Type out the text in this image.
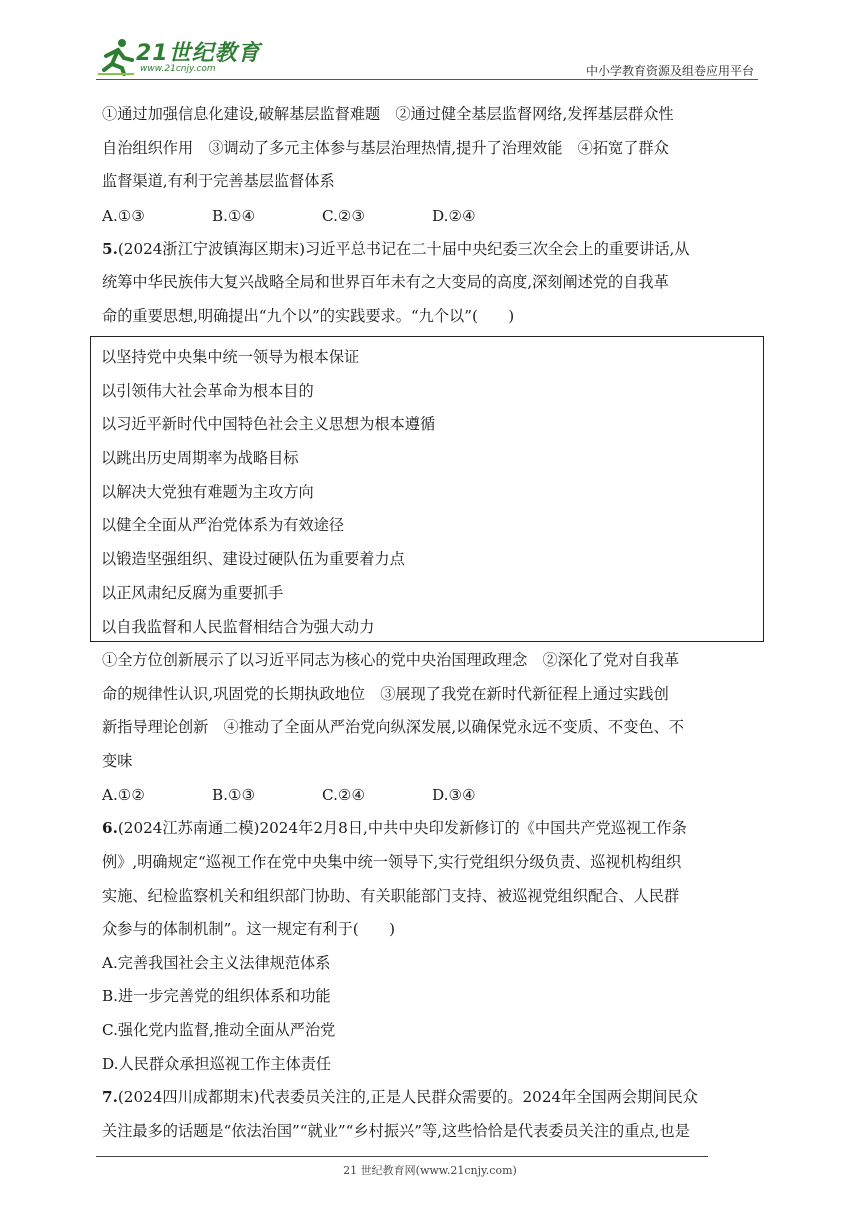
21世纪教育
www.21cnjy.com	中小学教育资源及组卷应用平台
①通过加强信息化建设,破解基层监督难题　②通过健全基层监督网络,发挥基层群众性
自治组织作用　③调动了多元主体参与基层治理热情,提升了治理效能　④拓宽了群众
监督渠道,有利于完善基层监督体系
A.①③	B.①④	C.②③	D.②④
5.(2024浙江宁波镇海区期末)习近平总书记在二十届中央纪委三次全会上的重要讲话,从
统筹中华民族伟大复兴战略全局和世界百年未有之大变局的高度,深刻阐述党的自我革
命的重要思想,明确提出“九个以”的实践要求。“九个以”(　　)
以坚持党中央集中统一领导为根本保证
以引领伟大社会革命为根本目的
以习近平新时代中国特色社会主义思想为根本遵循
以跳出历史周期率为战略目标
以解决大党独有难题为主攻方向
以健全全面从严治党体系为有效途径
以锻造坚强组织、建设过硬队伍为重要着力点
以正风肃纪反腐为重要抓手
以自我监督和人民监督相结合为强大动力
①全方位创新展示了以习近平同志为核心的党中央治国理政理念　②深化了党对自我革
命的规律性认识,巩固党的长期执政地位　③展现了我党在新时代新征程上通过实践创
新指导理论创新　④推动了全面从严治党向纵深发展,以确保党永远不变质、不变色、不
变味
A.①②	B.①③	C.②④	D.③④
6.(2024江苏南通二模)2024年2月8日,中共中央印发新修订的《中国共产党巡视工作条
例》,明确规定“巡视工作在党中央集中统一领导下,实行党组织分级负责、巡视机构组织
实施、纪检监察机关和组织部门协助、有关职能部门支持、被巡视党组织配合、人民群
众参与的体制机制”。这一规定有利于(　　)
A.完善我国社会主义法律规范体系
B.进一步完善党的组织体系和功能
C.强化党内监督,推动全面从严治党
D.人民群众承担巡视工作主体责任
7.(2024四川成都期末)代表委员关注的,正是人民群众需要的。2024年全国两会期间民众
关注最多的话题是“依法治国”“就业”“乡村振兴”等,这些恰恰是代表委员关注的重点,也是
21 世纪教育网(www.21cnjy.com)
